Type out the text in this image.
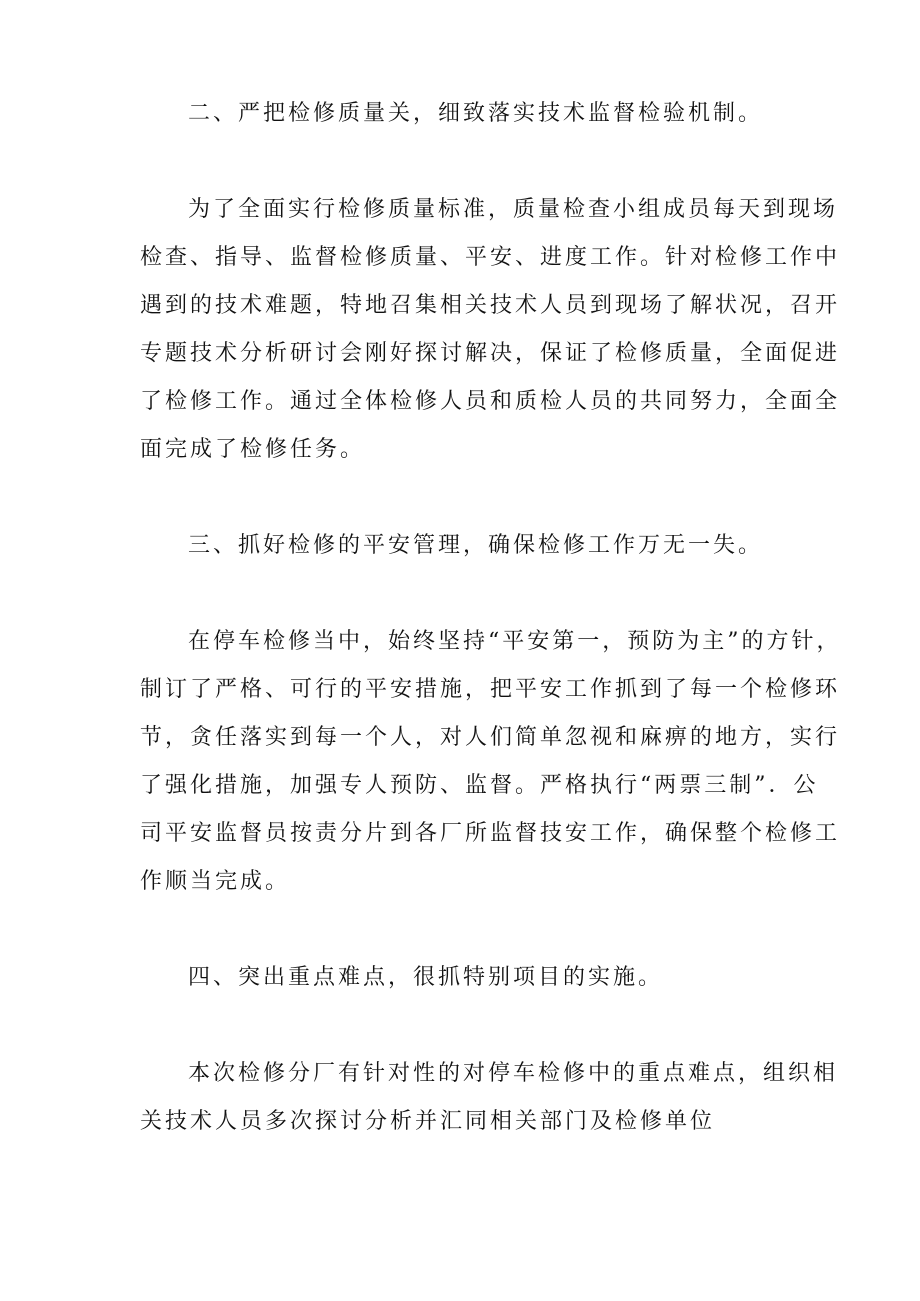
二、严把检修质量关，细致落实技术监督检验机制。

为了全面实行检修质量标准，质量检查小组成员每天到现场

检查、指导、监督检修质量、平安、进度工作。针对检修工作中

遇到的技术难题，特地召集相关技术人员到现场了解状况，召开

专题技术分析研讨会刚好探讨解决，保证了检修质量，全面促进

了检修工作。通过全体检修人员和质检人员的共同努力，全面全

面完成了检修任务。

三、抓好检修的平安管理，确保检修工作万无一失。

在停车检修当中，始终坚持“平安第一，预防为主”的方针，

制订了严格、可行的平安措施，把平安工作抓到了每一个检修环

节，贪任落实到每一个人，对人们简单忽视和麻痹的地方，实行

了强化措施，加强专人预防、监督。严格执行“两票三制”．公

司平安监督员按责分片到各厂所监督技安工作，确保整个检修工

作顺当完成。

四、突出重点难点，很抓特别项目的实施。

本次检修分厂有针对性的对停车检修中的重点难点，组织相

关技术人员多次探讨分析并汇同相关部门及检修单位
